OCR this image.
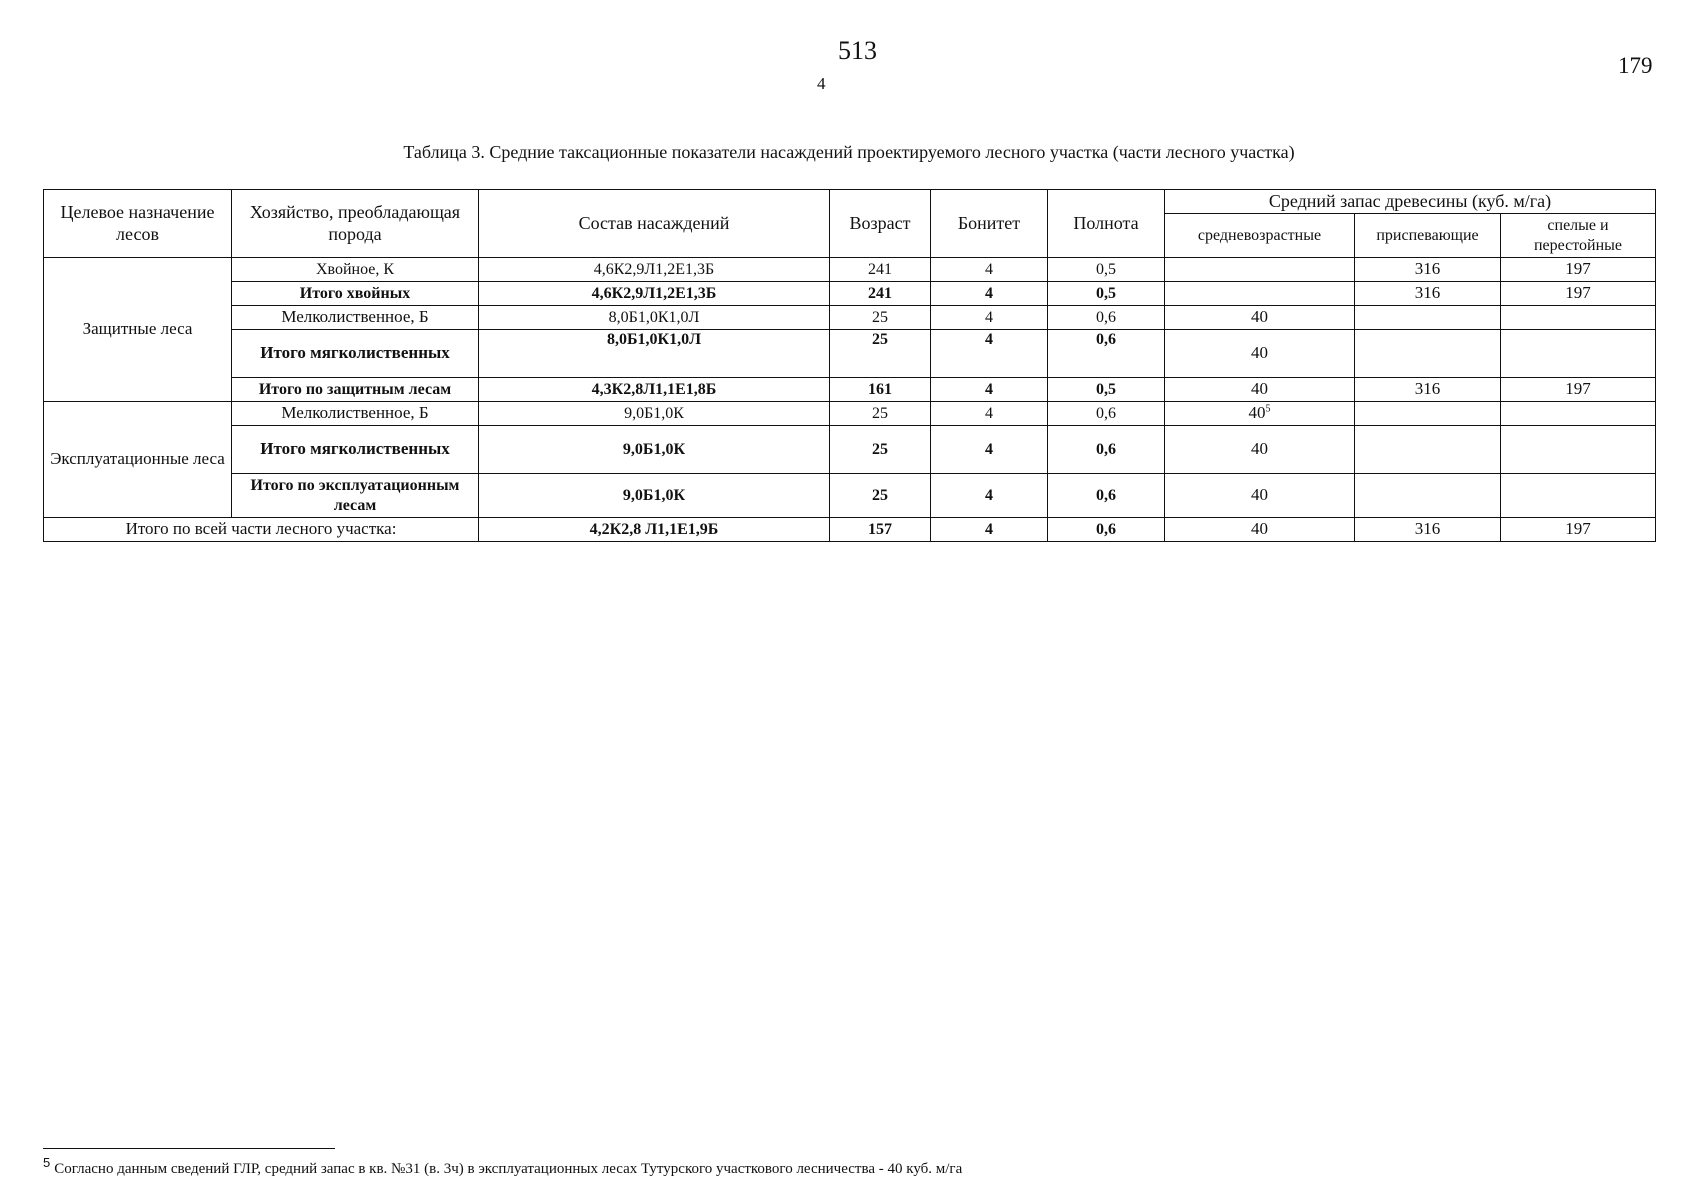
513
4
179
Таблица 3. Средние таксационные показатели насаждений проектируемого лесного участка (части лесного участка)
Целевое назначение лесов	Хозяйство, преобладающая порода	Состав насаждений	Возраст	Бонитет	Полнота	Средний запас древесины (куб. м/га)		
						средневозрастные	приспевающие	спелые и перестойные
Защитные леса	Хвойное, К	4,6К2,9Л1,2Е1,3Б	241	4	0,5		316	197
	Итого хвойных	4,6К2,9Л1,2Е1,3Б	241	4	0,5		316	197
	Мелколиственное, Б	8,0Б1,0К1,0Л	25	4	0,6	40		
	Итого мягколиственных	8,0Б1,0К1,0Л	25	4	0,6	40		
	Итого по защитным лесам	4,3К2,8Л1,1Е1,8Б	161	4	0,5	40	316	197
Эксплуатационные леса	Мелколиственное, Б	9,0Б1,0К	25	4	0,6	40$^5$		
	Итого мягколиственных	9,0Б1,0К	25	4	0,6	40		
	Итого по эксплуатационным лесам	9,0Б1,0К	25	4	0,6	40		
Итого по всей части лесного участка:		4,2К2,8 Л1,1Е1,9Б	157	4	0,6	40	316	197
5 Согласно данным сведений ГЛР, средний запас в кв. №31 (в. 3ч) в эксплуатационных лесах Тутурского участкового лесничества - 40 куб. м/га
